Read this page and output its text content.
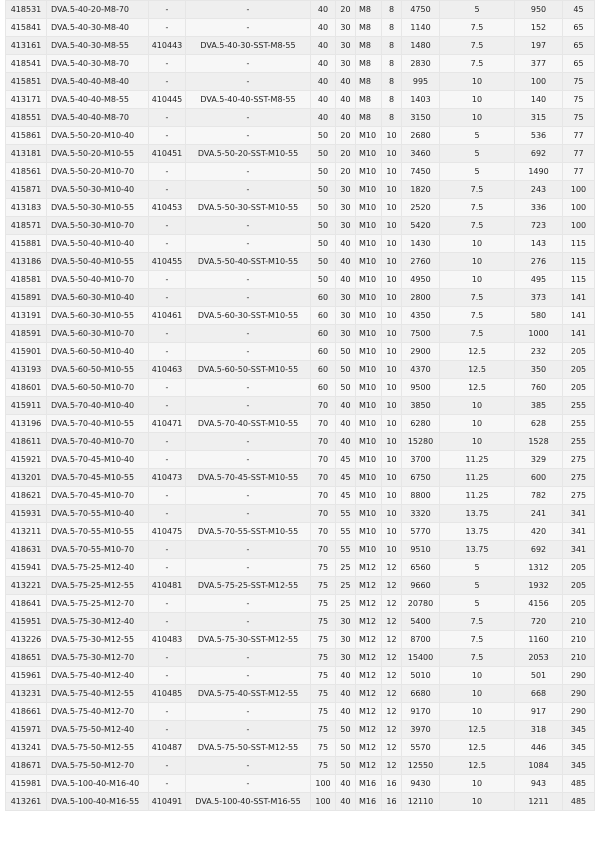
418531	DVA.5-40-20-M8-70	-	-	40	20	M8	8	4750	5	950	45
415841	DVA.5-40-30-M8-40	-	-	40	30	M8	8	1140	7.5	152	65
413161	DVA.5-40-30-M8-55	410443	DVA.5-40-30-SST-M8-55	40	30	M8	8	1480	7.5	197	65
418541	DVA.5-40-30-M8-70	-	-	40	30	M8	8	2830	7.5	377	65
415851	DVA.5-40-40-M8-40	-	-	40	40	M8	8	995	10	100	75
413171	DVA.5-40-40-M8-55	410445	DVA.5-40-40-SST-M8-55	40	40	M8	8	1403	10	140	75
418551	DVA.5-40-40-M8-70	-	-	40	40	M8	8	3150	10	315	75
415861	DVA.5-50-20-M10-40	-	-	50	20	M10	10	2680	5	536	77
413181	DVA.5-50-20-M10-55	410451	DVA.5-50-20-SST-M10-55	50	20	M10	10	3460	5	692	77
418561	DVA.5-50-20-M10-70	-	-	50	20	M10	10	7450	5	1490	77
415871	DVA.5-50-30-M10-40	-	-	50	30	M10	10	1820	7.5	243	100
413183	DVA.5-50-30-M10-55	410453	DVA.5-50-30-SST-M10-55	50	30	M10	10	2520	7.5	336	100
418571	DVA.5-50-30-M10-70	-	-	50	30	M10	10	5420	7.5	723	100
415881	DVA.5-50-40-M10-40	-	-	50	40	M10	10	1430	10	143	115
413186	DVA.5-50-40-M10-55	410455	DVA.5-50-40-SST-M10-55	50	40	M10	10	2760	10	276	115
418581	DVA.5-50-40-M10-70	-	-	50	40	M10	10	4950	10	495	115
415891	DVA.5-60-30-M10-40	-	-	60	30	M10	10	2800	7.5	373	141
413191	DVA.5-60-30-M10-55	410461	DVA.5-60-30-SST-M10-55	60	30	M10	10	4350	7.5	580	141
418591	DVA.5-60-30-M10-70	-	-	60	30	M10	10	7500	7.5	1000	141
415901	DVA.5-60-50-M10-40	-	-	60	50	M10	10	2900	12.5	232	205
413193	DVA.5-60-50-M10-55	410463	DVA.5-60-50-SST-M10-55	60	50	M10	10	4370	12.5	350	205
418601	DVA.5-60-50-M10-70	-	-	60	50	M10	10	9500	12.5	760	205
415911	DVA.5-70-40-M10-40	-	-	70	40	M10	10	3850	10	385	255
413196	DVA.5-70-40-M10-55	410471	DVA.5-70-40-SST-M10-55	70	40	M10	10	6280	10	628	255
418611	DVA.5-70-40-M10-70	-	-	70	40	M10	10	15280	10	1528	255
415921	DVA.5-70-45-M10-40	-	-	70	45	M10	10	3700	11.25	329	275
413201	DVA.5-70-45-M10-55	410473	DVA.5-70-45-SST-M10-55	70	45	M10	10	6750	11.25	600	275
418621	DVA.5-70-45-M10-70	-	-	70	45	M10	10	8800	11.25	782	275
415931	DVA.5-70-55-M10-40	-	-	70	55	M10	10	3320	13.75	241	341
413211	DVA.5-70-55-M10-55	410475	DVA.5-70-55-SST-M10-55	70	55	M10	10	5770	13.75	420	341
418631	DVA.5-70-55-M10-70	-	-	70	55	M10	10	9510	13.75	692	341
415941	DVA.5-75-25-M12-40	-	-	75	25	M12	12	6560	5	1312	205
413221	DVA.5-75-25-M12-55	410481	DVA.5-75-25-SST-M12-55	75	25	M12	12	9660	5	1932	205
418641	DVA.5-75-25-M12-70	-	-	75	25	M12	12	20780	5	4156	205
415951	DVA.5-75-30-M12-40	-	-	75	30	M12	12	5400	7.5	720	210
413226	DVA.5-75-30-M12-55	410483	DVA.5-75-30-SST-M12-55	75	30	M12	12	8700	7.5	1160	210
418651	DVA.5-75-30-M12-70	-	-	75	30	M12	12	15400	7.5	2053	210
415961	DVA.5-75-40-M12-40	-	-	75	40	M12	12	5010	10	501	290
413231	DVA.5-75-40-M12-55	410485	DVA.5-75-40-SST-M12-55	75	40	M12	12	6680	10	668	290
418661	DVA.5-75-40-M12-70	-	-	75	40	M12	12	9170	10	917	290
415971	DVA.5-75-50-M12-40	-	-	75	50	M12	12	3970	12.5	318	345
413241	DVA.5-75-50-M12-55	410487	DVA.5-75-50-SST-M12-55	75	50	M12	12	5570	12.5	446	345
418671	DVA.5-75-50-M12-70	-	-	75	50	M12	12	12550	12.5	1084	345
415981	DVA.5-100-40-M16-40	-	-	100	40	M16	16	9430	10	943	485
413261	DVA.5-100-40-M16-55	410491	DVA.5-100-40-SST-M16-55	100	40	M16	16	12110	10	1211	485
